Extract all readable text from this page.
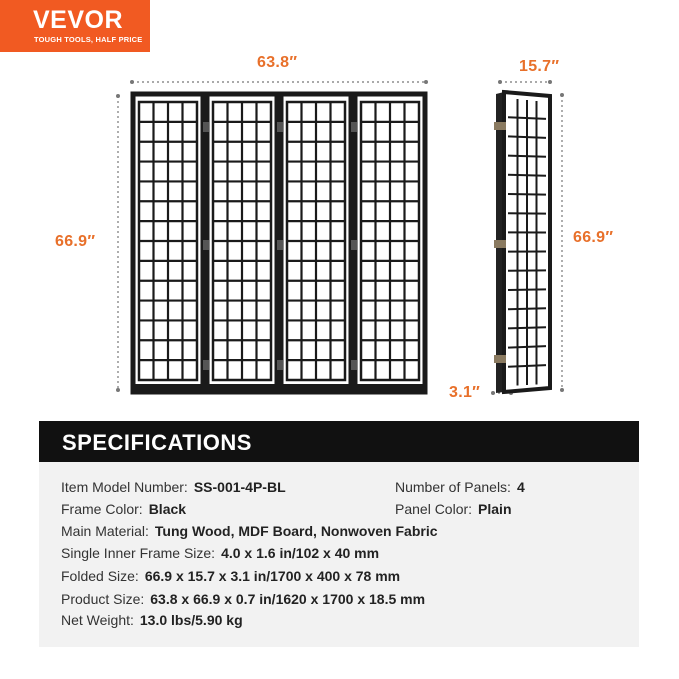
VEVOR
TOUGH TOOLS, HALF PRICE
63.8″
66.9″
15.7″
66.9″
3.1″
SPECIFICATIONS
Item Model Number: SS-001-4P-BL	Number of Panels: 4
Frame Color: Black	Panel Color: Plain
Main Material: Tung Wood, MDF Board, Nonwoven Fabric
Single Inner Frame Size: 4.0 x 1.6 in/102 x 40 mm
Folded Size: 66.9 x 15.7 x 3.1 in/1700 x 400 x 78 mm
Product Size: 63.8 x 66.9 x 0.7 in/1620 x 1700 x 18.5 mm
Net Weight: 13.0 lbs/5.90 kg
